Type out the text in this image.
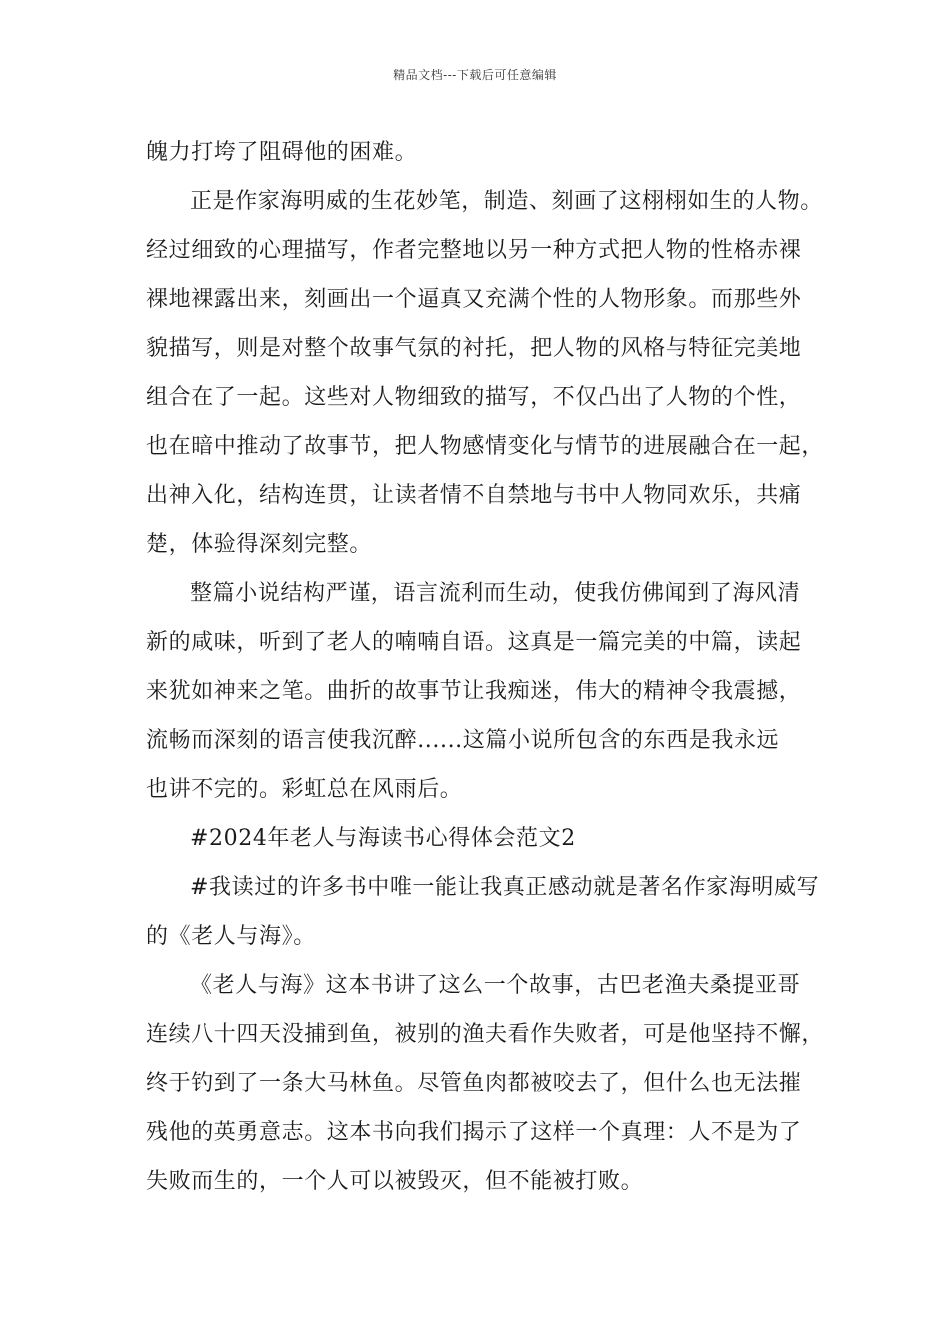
精品文档---下载后可任意编辑
魄力打垮了阻碍他的困难。
正是作家海明威的生花妙笔，制造、刻画了这栩栩如生的人物。
经过细致的心理描写，作者完整地以另一种方式把人物的性格赤裸
裸地裸露出来，刻画出一个逼真又充满个性的人物形象。而那些外
貌描写，则是对整个故事气氛的衬托，把人物的风格与特征完美地
组合在了一起。这些对人物细致的描写，不仅凸出了人物的个性，
也在暗中推动了故事节，把人物感情变化与情节的进展融合在一起，
出神入化，结构连贯，让读者情不自禁地与书中人物同欢乐，共痛
楚，体验得深刻完整。
整篇小说结构严谨，语言流利而生动，使我仿佛闻到了海风清
新的咸味，听到了老人的喃喃自语。这真是一篇完美的中篇，读起
来犹如神来之笔。曲折的故事节让我痴迷，伟大的精神令我震撼，
流畅而深刻的语言使我沉醉......这篇小说所包含的东西是我永远
也讲不完的。彩虹总在风雨后。
#2024年老人与海读书心得体会范文2
#我读过的许多书中唯一能让我真正感动就是著名作家海明威写
的《老人与海》。
《老人与海》这本书讲了这么一个故事，古巴老渔夫桑提亚哥
连续八十四天没捕到鱼，被别的渔夫看作失败者，可是他坚持不懈，
终于钓到了一条大马林鱼。尽管鱼肉都被咬去了，但什么也无法摧
残他的英勇意志。这本书向我们揭示了这样一个真理：人不是为了
失败而生的，一个人可以被毁灭，但不能被打败。
